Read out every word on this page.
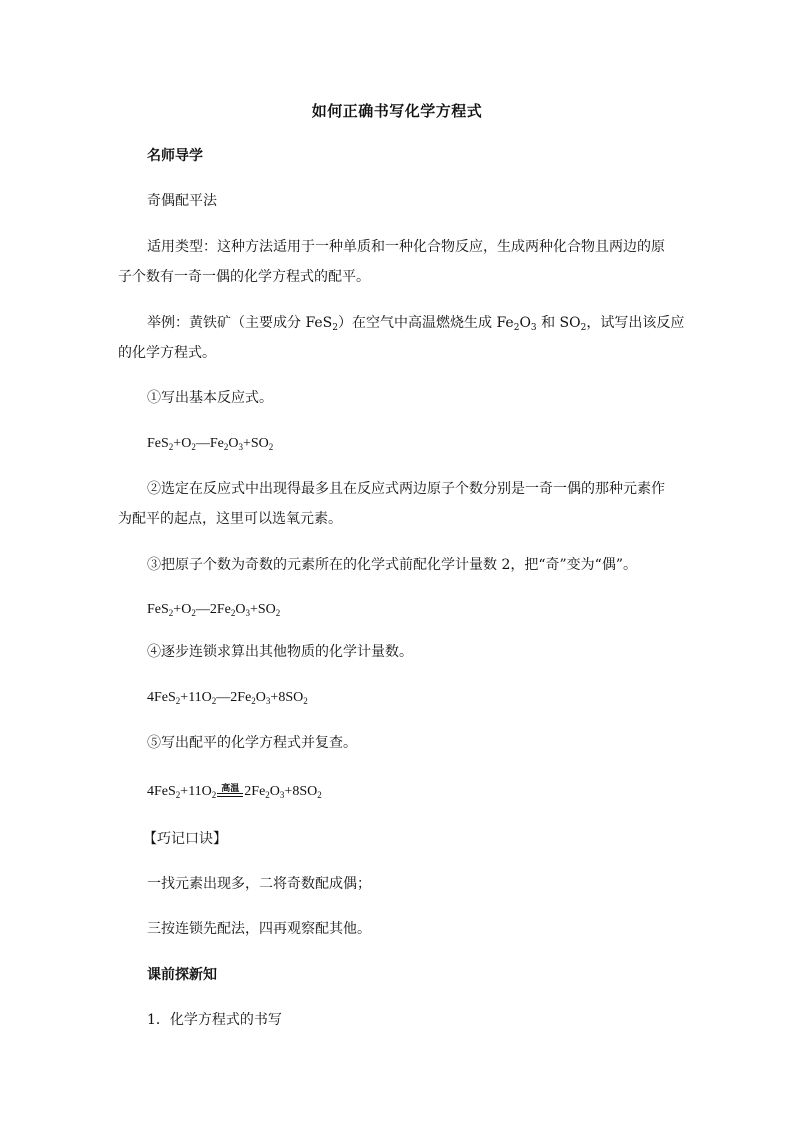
如何正确书写化学方程式
名师导学
奇偶配平法
适用类型：这种方法适用于一种单质和一种化合物反应，生成两种化合物且两边的原
子个数有一奇一偶的化学方程式的配平。
举例：黄铁矿（主要成分 FeS$_2$）在空气中高温燃烧生成 $Fe_2O_3$ 和 $SO_2$，试写出该反应
的化学方程式。
①写出基本反应式。
$FeS_2+O_2—Fe_2O_3+SO_2$
②选定在反应式中出现得最多且在反应式两边原子个数分别是一奇一偶的那种元素作
为配平的起点，这里可以选氧元素。
③把原子个数为奇数的元素所在的化学式前配化学计量数 2，把“奇”变为“偶”。
$FeS_2+O_2—2Fe_2O_3+SO_2$
④逐步连锁求算出其他物质的化学计量数。
$4FeS_2+11O_2—2Fe_2O_3+8SO_2$
⑤写出配平的化学方程式并复查。
$4FeS_2+11O_2$
高温 $2Fe_2O_3+8SO_2$
【巧记口诀】
一找元素出现多，二将奇数配成偶；
三按连锁先配法，四再观察配其他。
课前探新知
1．化学方程式的书写
